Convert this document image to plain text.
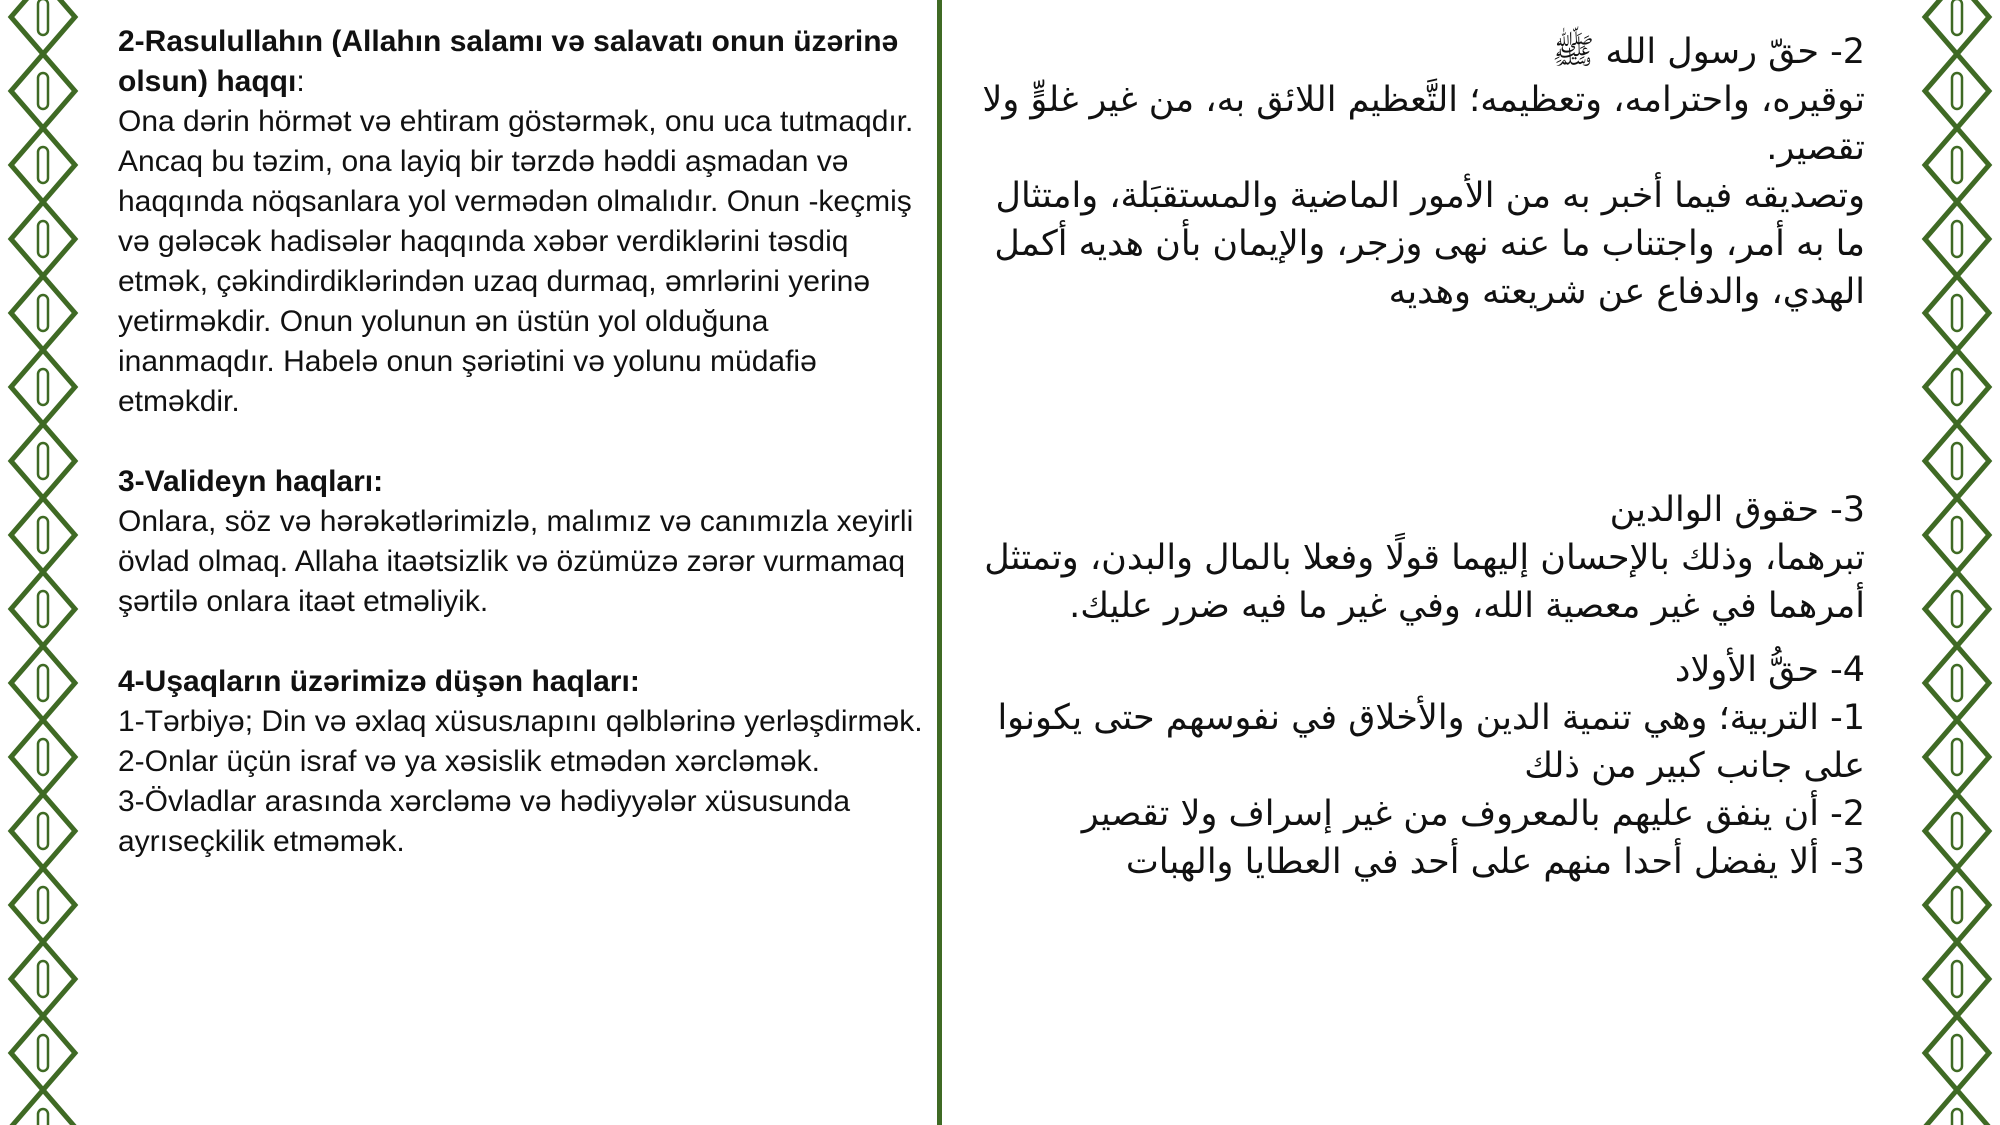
2-Rasulullahın (Allahın salamı və salavatı onun üzərinə olsun) haqqı:

Ona dərin hörmət və ehtiram göstərmək, onu uca tutmaqdır. Ancaq bu təzim, ona layiq bir tərzdə həddi aşmadan və haqqında nöqsanlara yol vermədən olmalıdır. Onun -keçmiş və gələcək hadisələr haqqında xəbər verdiklərini təsdiq etmək, çəkindirdiklərindən uzaq durmaq, əmrlərini yerinə yetirməkdir. Onun yolunun ən üstün yol olduğuna inanmaqdır. Habelə onun şəriətini və yolunu müdafiə etməkdir.

3-Valideyn haqları:

Onlara, söz və hərəkətlərimizlə, malımız və canımızla xeyirli övlad olmaq. Allaha itaətsizlik və özümüzə zərər vurmamaq şərtilə onlara itaət etməliyik.

4-Uşaqların üzərimizə düşən haqları:

1-Tərbiyə; Din və əxlaq xüsusларını qəlblərinə yerləşdirmək.

2-Onlar üçün israf və ya xəsislik etmədən xərcləmək.

3-Övladlar arasında xərcləmə və hədiyyələr xüsusunda ayrıseçkilik etməmək.

2- حقّ رسول الله ﷺ

توقيره، واحترامه، وتعظيمه؛ التَّعظيم اللائق به، من غير غلوٍّ ولا تقصير.

وتصديقه فيما أخبر به من الأمور الماضية والمستقبَلة، وامتثال ما به أمر، واجتناب ما عنه نهى وزجر، والإيمان بأن هديه أكمل الهدي، والدفاع عن شريعته وهديه

3- حقوق الوالدين

تبرهما، وذلك بالإحسان إليهما قولًا وفعلا بالمال والبدن، وتمتثل أمرهما في غير معصية الله، وفي غير ما فيه ضرر عليك.

4- حقُّ الأولاد

1- التربية؛ وهي تنمية الدين والأخلاق في نفوسهم حتى يكونوا على جانب كبير من ذلك

2- أن ينفق عليهم بالمعروف من غير إسراف ولا تقصير

3- ألا يفضل أحدا منهم على أحد في العطايا والهبات
